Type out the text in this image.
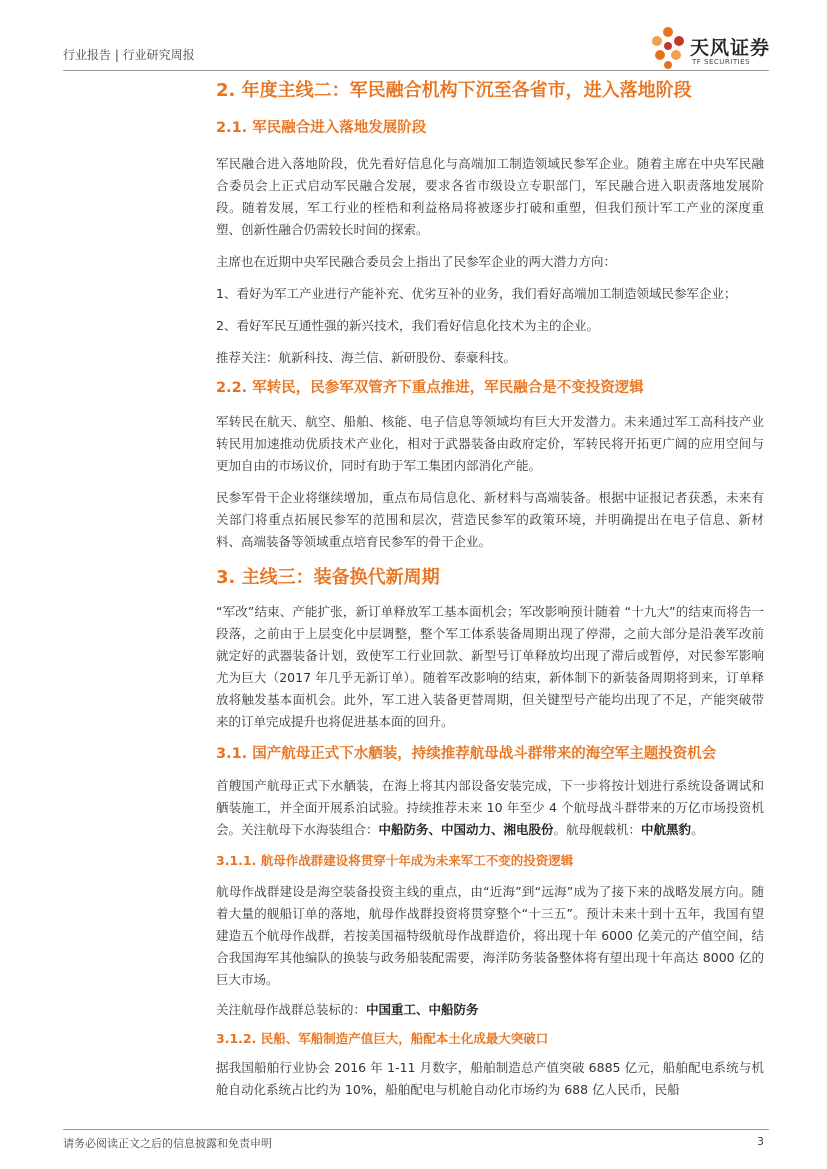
行业报告 | 行业研究周报	天风证券
TF SECURITIES
2. 年度主线二：军民融合机构下沉至各省市，进入落地阶段
2.1. 军民融合进入落地发展阶段

军民融合进入落地阶段，优先看好信息化与高端加工制造领域民参军企业。随着主席在中央军民融合委员会上正式启动军民融合发展，要求各省市级设立专职部门，军民融合进入职责落地发展阶段。随着发展，军工行业的桎梏和利益格局将被逐步打破和重塑，但我们预计军工产业的深度重塑、创新性融合仍需较长时间的探索。

主席也在近期中央军民融合委员会上指出了民参军企业的两大潜力方向：

1、看好为军工产业进行产能补充、优劣互补的业务，我们看好高端加工制造领域民参军企业；

2、看好军民互通性强的新兴技术，我们看好信息化技术为主的企业。

推荐关注：航新科技、海兰信、新研股份、泰豪科技。

2.2. 军转民，民参军双管齐下重点推进，军民融合是不变投资逻辑

军转民在航天、航空、船舶、核能、电子信息等领域均有巨大开发潜力。未来通过军工高科技产业转民用加速推动优质技术产业化，相对于武器装备由政府定价，军转民将开拓更广阔的应用空间与更加自由的市场议价，同时有助于军工集团内部消化产能。

民参军骨干企业将继续增加，重点布局信息化、新材料与高端装备。根据中证报记者获悉，未来有关部门将重点拓展民参军的范围和层次，营造民参军的政策环境，并明确提出在电子信息、新材料、高端装备等领域重点培育民参军的骨干企业。

3. 主线三：装备换代新周期

“军改”结束、产能扩张，新订单释放军工基本面机会；军改影响预计随着 “十九大”的结束而将告一段落，之前由于上层变化中层调整，整个军工体系装备周期出现了停滞，之前大部分是沿袭军改前就定好的武器装备计划，致使军工行业回款、新型号订单释放均出现了滞后或暂停，对民参军影响尤为巨大（2017 年几乎无新订单）。随着军改影响的结束，新体制下的新装备周期将到来，订单释放将触发基本面机会。此外，军工进入装备更替周期，但关键型号产能均出现了不足，产能突破带来的订单完成提升也将促进基本面的回升。

3.1. 国产航母正式下水舾装，持续推荐航母战斗群带来的海空军主题投资机会

首艘国产航母正式下水舾装，在海上将其内部设备安装完成，下一步将按计划进行系统设备调试和舾装施工，并全面开展系泊试验。持续推荐未来 10 年至少 4 个航母战斗群带来的万亿市场投资机会。关注航母下水海装组合：中船防务、中国动力、湘电股份。航母舰载机：中航黑豹。

3.1.1. 航母作战群建设将贯穿十年成为未来军工不变的投资逻辑

航母作战群建设是海空装备投资主线的重点，由“近海”到“远海”成为了接下来的战略发展方向。随着大量的舰船订单的落地，航母作战群投资将贯穿整个“十三五”。预计未来十到十五年，我国有望建造五个航母作战群，若按美国福特级航母作战群造价，将出现十年 6000 亿美元的产值空间，结合我国海军其他编队的换装与政务船装配需要，海洋防务装备整体将有望出现十年高达 8000 亿的巨大市场。

关注航母作战群总装标的：中国重工、中船防务

3.1.2. 民船、军船制造产值巨大，船配本土化成最大突破口

据我国船舶行业协会 2016 年 1-11 月数字，船舶制造总产值突破 6885 亿元，船舶配电系统与机舱自动化系统占比约为 10%，船舶配电与机舱自动化市场约为 688 亿人民币，民船

请务必阅读正文之后的信息披露和免责申明	3
